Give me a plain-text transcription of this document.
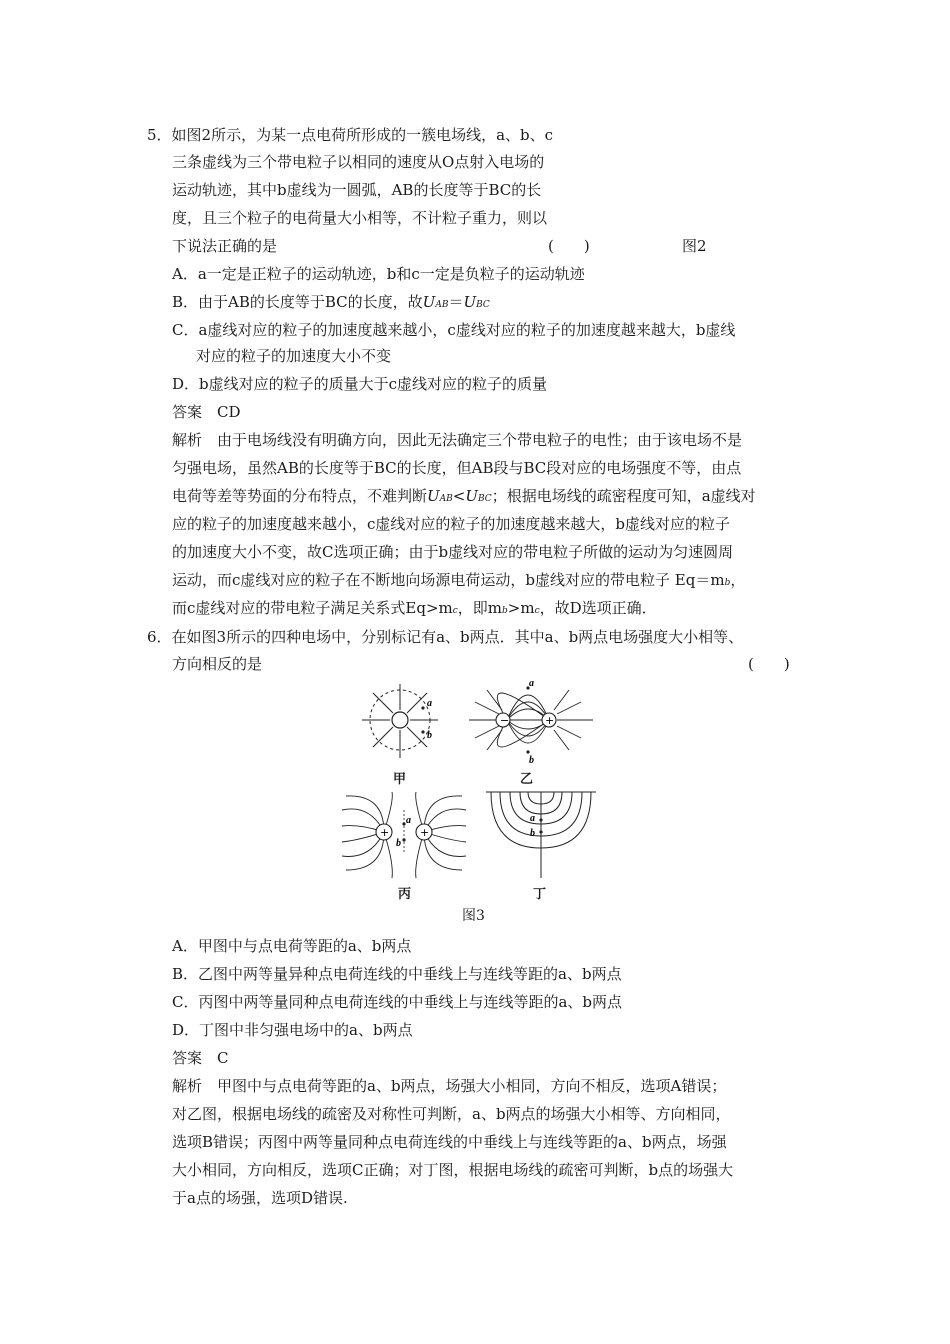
5．如图2所示，为某一点电荷所形成的一簇电场线，a、b、c
三条虚线为三个带电粒子以相同的速度从O点射入电场的
运动轨迹，其中b虚线为一圆弧，AB的长度等于BC的长
度，且三个粒子的电荷量大小相等，不计粒子重力，则以
下说法正确的是	(　　)	图2
A．a一定是正粒子的运动轨迹，b和c一定是负粒子的运动轨迹
B．由于AB的长度等于BC的长度，故UAB＝UBC
C．a虚线对应的粒子的加速度越来越小，c虚线对应的粒子的加速度越来越大，b虚线
对应的粒子的加速度大小不变
D．b虚线对应的粒子的质量大于c虚线对应的粒子的质量
答案　CD
解析　由于电场线没有明确方向，因此无法确定三个带电粒子的电性；由于该电场不是
匀强电场，虽然AB的长度等于BC的长度，但AB段与BC段对应的电场强度不等，由点
电荷等差等势面的分布特点，不难判断UAB<UBC；根据电场线的疏密程度可知，a虚线对
应的粒子的加速度越来越小，c虚线对应的粒子的加速度越来越大，b虚线对应的粒子
的加速度大小不变，故C选项正确；由于b虚线对应的带电粒子所做的运动为匀速圆周
运动，而c虚线对应的粒子在不断地向场源电荷运动，b虚线对应的带电粒子 Eq＝mb，
而c虚线对应的带电粒子满足关系式Eq>mc，即mb>mc，故D选项正确．
6．在如图3所示的四种电场中，分别标记有a、b两点．其中a、b两点电场强度大小相等、
方向相反的是	(　　)
a
b
甲
−	+
a
b
乙
+	+
a
b
丙
a
b
丁
图3
A．甲图中与点电荷等距的a、b两点
B．乙图中两等量异种点电荷连线的中垂线上与连线等距的a、b两点
C．丙图中两等量同种点电荷连线的中垂线上与连线等距的a、b两点
D．丁图中非匀强电场中的a、b两点
答案　C
解析　甲图中与点电荷等距的a、b两点，场强大小相同，方向不相反，选项A错误；
对乙图，根据电场线的疏密及对称性可判断，a、b两点的场强大小相等、方向相同，
选项B错误；丙图中两等量同种点电荷连线的中垂线上与连线等距的a、b两点，场强
大小相同，方向相反，选项C正确；对丁图，根据电场线的疏密可判断，b点的场强大
于a点的场强，选项D错误.
